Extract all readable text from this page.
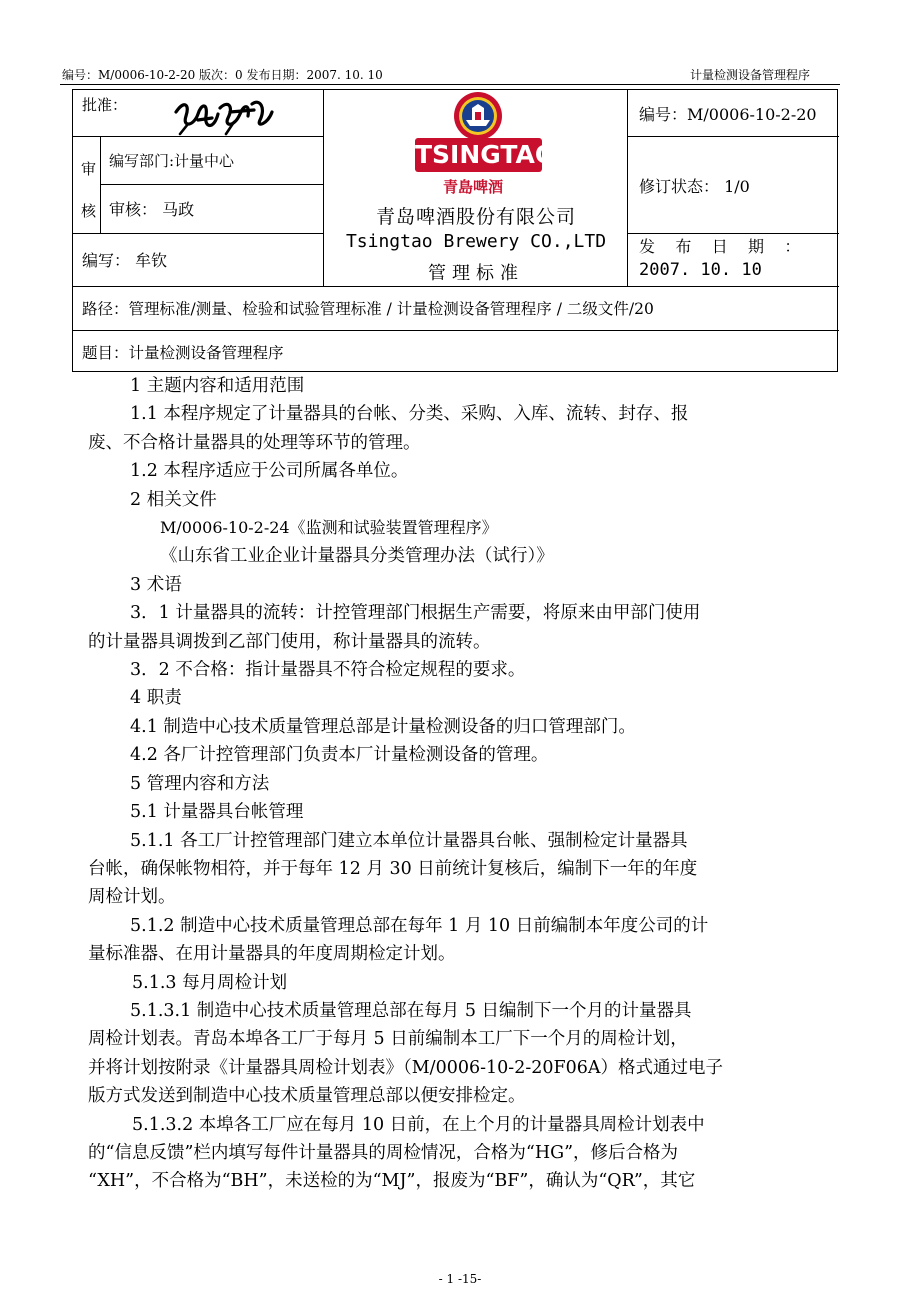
编号：M/0006-10-2-20 版次：0 发布日期：2007. 10. 10	计量检测设备管理程序
批准：
审 核
编写部门:计量中心
审核： 马政
编写： 牟钦
TSINGTAO
青島啤酒
青岛啤酒股份有限公司
Tsingtao Brewery CO.,LTD
管理标准
编号：M/0006-10-2-20
修订状态： 1/0
发    布    日    期    ：
2007. 10. 10
路径：管理标准/测量、检验和试验管理标准 / 计量检测设备管理程序 / 二级文件/20
题目：计量检测设备管理程序

1 主题内容和适用范围

1.1 本程序规定了计量器具的台帐、分类、采购、入库、流转、封存、报

废、不合格计量器具的处理等环节的管理。

1.2 本程序适应于公司所属各单位。

2 相关文件

M/0006-10-2-24《监测和试验装置管理程序》

《山东省工业企业计量器具分类管理办法（试行）》

3 术语

3．1 计量器具的流转：计控管理部门根据生产需要，将原来由甲部门使用

的计量器具调拨到乙部门使用，称计量器具的流转。

3．2 不合格：指计量器具不符合检定规程的要求。

4 职责

4.1 制造中心技术质量管理总部是计量检测设备的归口管理部门。

4.2 各厂计控管理部门负责本厂计量检测设备的管理。

5 管理内容和方法

5.1 计量器具台帐管理

5.1.1 各工厂计控管理部门建立本单位计量器具台帐、强制检定计量器具

台帐，确保帐物相符，并于每年 12 月 30 日前统计复核后，编制下一年的年度

周检计划。

5.1.2 制造中心技术质量管理总部在每年 1 月 10 日前编制本年度公司的计

量标准器、在用计量器具的年度周期检定计划。

5.1.3 每月周检计划

5.1.3.1 制造中心技术质量管理总部在每月 5 日编制下一个月的计量器具

周检计划表。青岛本埠各工厂于每月 5 日前编制本工厂下一个月的周检计划，

并将计划按附录《计量器具周检计划表》（M/0006-10-2-20F06A）格式通过电子

版方式发送到制造中心技术质量管理总部以便安排检定。

5.1.3.2 本埠各工厂应在每月 10 日前，在上个月的计量器具周检计划表中

的“信息反馈”栏内填写每件计量器具的周检情况，合格为“HG”，修后合格为

“XH”，不合格为“BH”，未送检的为“MJ”，报废为“BF”，确认为“QR”，其它

- 1 -15-
